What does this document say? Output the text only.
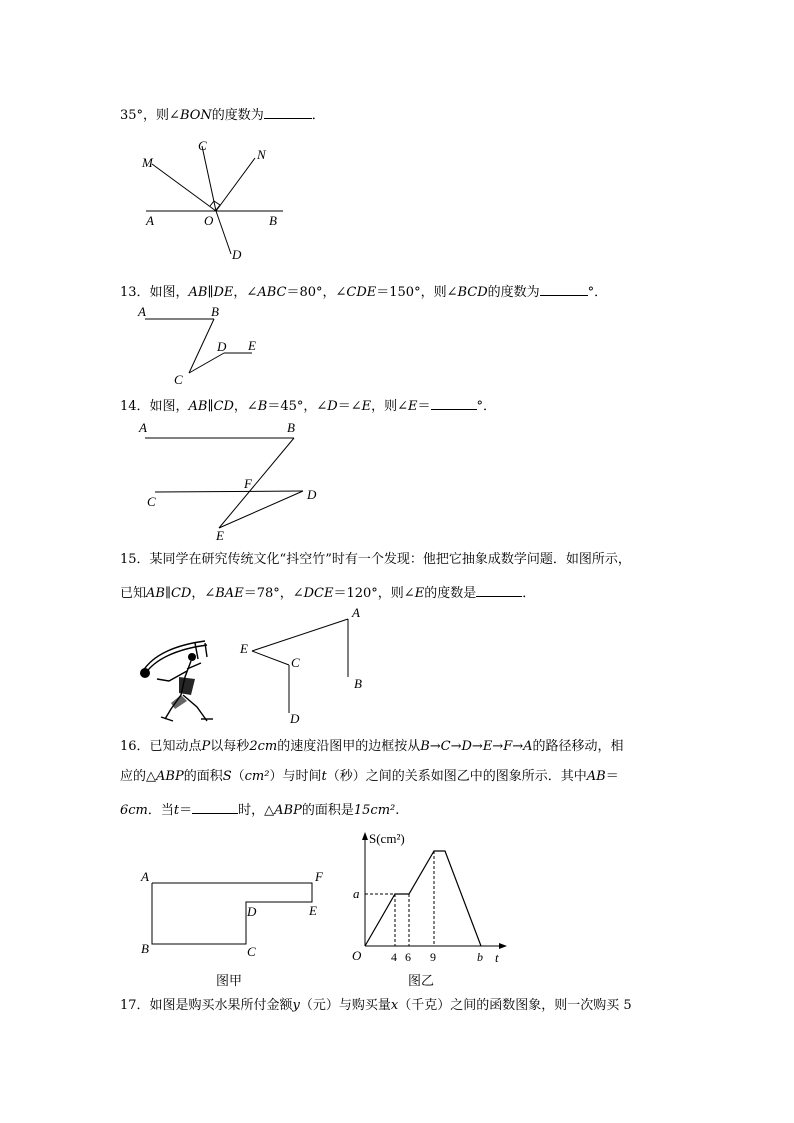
35°，则∠BON的度数为	．
C
N
M
A	O	B
D
13．如图，AB∥DE，∠ABC＝80°，∠CDE＝150°，则∠BCD的度数为	°．
A	B
D E
C
14．如图，AB∥CD，∠B＝45°，∠D＝∠E，则∠E＝	°．
A	B
C
F
D
E
15．某同学在研究传统文化“抖空竹”时有一个发现：他把它抽象成数学问题．如图所示，
已知AB∥CD，∠BAE＝78°，∠DCE＝120°，则∠E的度数是	．
A
E
C
B
D
16．已知动点P以每秒2cm的速度沿图甲的边框按从B→C→D→E→F→A的路径移动，相
应的△ABP的面积S（cm²）与时间t（秒）之间的关系如图乙中的图象所示．其中AB＝
6cm．当t＝	时，△ABP的面积是15cm².
A	F
D	E
B	C
图甲
S(cm²)
a
O 4 6 9	b t
图乙
17．如图是购买水果所付金额y（元）与购买量x（千克）之间的函数图象，则一次购买 5
